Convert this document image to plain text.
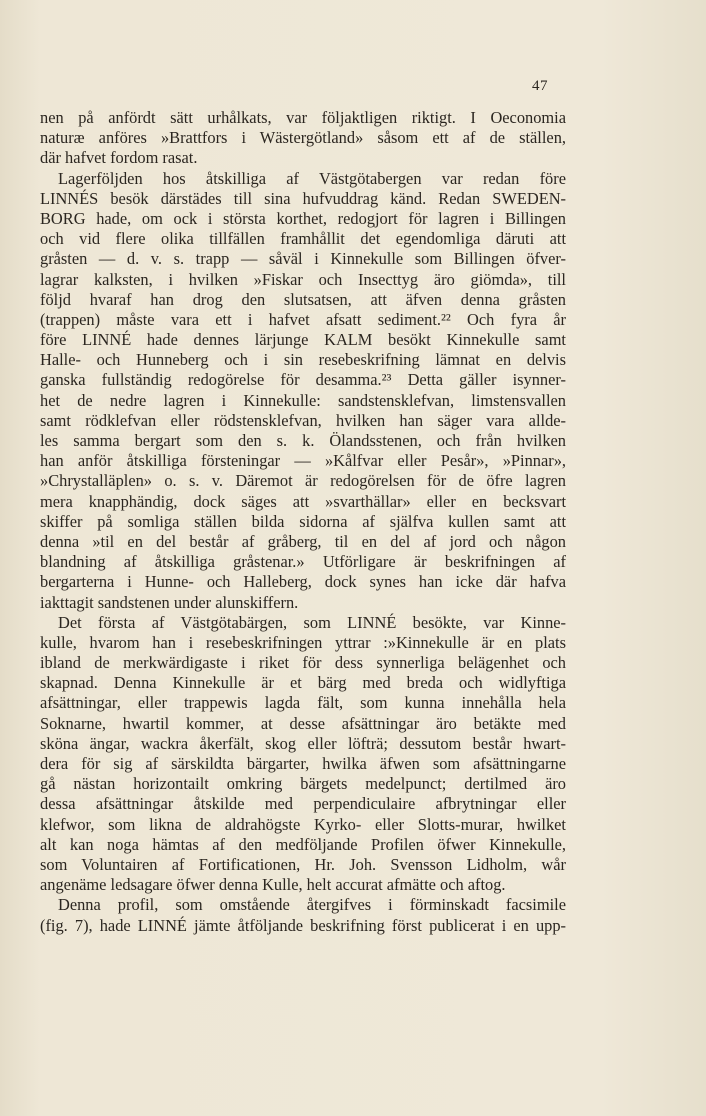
47
nen på anfördt sätt urhålkats, var följaktligen riktigt. I Oeconomia
naturæ anföres »Brattfors i Wästergötland» såsom ett af de ställen,
där hafvet fordom rasat.
Lagerföljden hos åtskilliga af Västgötabergen var redan före
LINNÉS besök därstädes till sina hufvuddrag känd. Redan SWEDEN-
BORG hade, om ock i största korthet, redogjort för lagren i Billingen
och vid flere olika tillfällen framhållit det egendomliga däruti att
gråsten — d. v. s. trapp — såväl i Kinnekulle som Billingen öfver-
lagrar kalksten, i hvilken »Fiskar och Insecttyg äro giömda», till
följd hvaraf han drog den slutsatsen, att äfven denna gråsten
(trappen) måste vara ett i hafvet afsatt sediment.²² Och fyra år
före LINNÉ hade dennes lärjunge KALM besökt Kinnekulle samt
Halle- och Hunneberg och i sin resebeskrifning lämnat en delvis
ganska fullständig redogörelse för desamma.²³ Detta gäller isynner-
het de nedre lagren i Kinnekulle: sandstensklefvan, limstensvallen
samt rödklefvan eller rödstensklefvan, hvilken han säger vara allde-
les samma bergart som den s. k. Ölandsstenen, och från hvilken
han anför åtskilliga försteningar — »Kålfvar eller Pesår», »Pinnar»,
»Chrystalläplen» o. s. v. Däremot är redogörelsen för de öfre lagren
mera knapphändig, dock säges att »svarthällar» eller en becksvart
skiffer på somliga ställen bilda sidorna af själfva kullen samt att
denna »til en del består af gråberg, til en del af jord och någon
blandning af åtskilliga gråstenar.» Utförligare är beskrifningen af
bergarterna i Hunne- och Halleberg, dock synes han icke där hafva
iakttagit sandstenen under alunskiffern.
Det första af Västgötabärgen, som LINNÉ besökte, var Kinne-
kulle, hvarom han i resebeskrifningen yttrar :»Kinnekulle är en plats
ibland de merkwärdigaste i riket för dess synnerliga belägenhet och
skapnad. Denna Kinnekulle är et bärg med breda och widlyftiga
afsättningar, eller trappewis lagda fält, som kunna innehålla hela
Soknarne, hwartil kommer, at desse afsättningar äro betäkte med
sköna ängar, wackra åkerfält, skog eller löfträ; dessutom består hwart-
dera för sig af särskildta bärgarter, hwilka äfwen som afsättningarne
gå nästan horizontailt omkring bärgets medelpunct; dertilmed äro
dessa afsättningar åtskilde med perpendiculaire afbrytningar eller
klefwor, som likna de aldrahögste Kyrko- eller Slotts-murar, hwilket
alt kan noga hämtas af den medföljande Profilen öfwer Kinnekulle,
som Voluntairen af Fortificationen, Hr. Joh. Svensson Lidholm, wår
angenäme ledsagare öfwer denna Kulle, helt accurat afmätte och aftog.
Denna profil, som omstående återgifves i förminskadt facsimile
(fig. 7), hade LINNÉ jämte åtföljande beskrifning först publicerat i en upp-
